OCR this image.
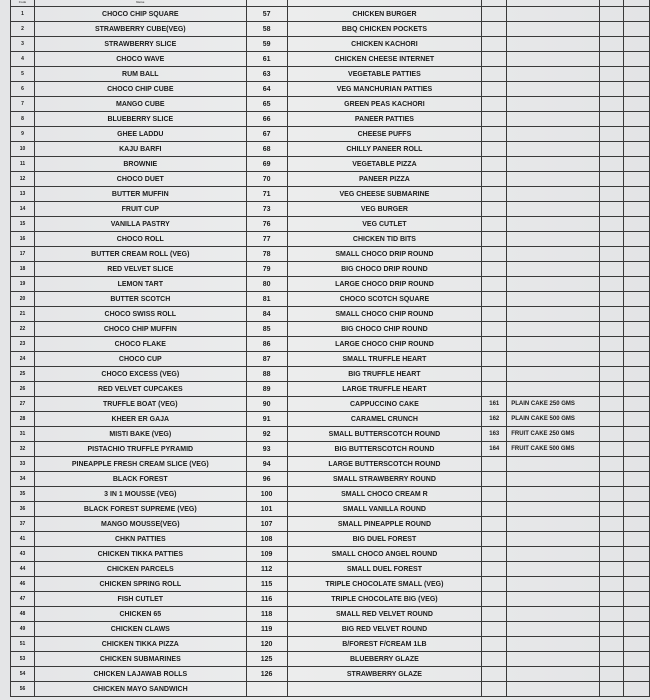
Code	Name						
1	CHOCO CHIP SQUARE	57	CHICKEN BURGER				
2	STRAWBERRY CUBE(VEG)	58	BBQ CHICKEN POCKETS				
3	STRAWBERRY SLICE	59	CHICKEN KACHORI				
4	CHOCO WAVE	61	CHICKEN CHEESE INTERNET				
5	RUM BALL	63	VEGETABLE PATTIES				
6	CHOCO CHIP CUBE	64	VEG MANCHURIAN PATTIES				
7	MANGO CUBE	65	GREEN PEAS KACHORI				
8	BLUEBERRY SLICE	66	PANEER PATTIES				
9	GHEE LADDU	67	CHEESE PUFFS				
10	KAJU BARFI	68	CHILLY PANEER ROLL				
11	BROWNIE	69	VEGETABLE PIZZA				
12	CHOCO DUET	70	PANEER PIZZA				
13	BUTTER MUFFIN	71	VEG CHEESE SUBMARINE				
14	FRUIT CUP	73	VEG BURGER				
15	VANILLA PASTRY	76	VEG CUTLET				
16	CHOCO ROLL	77	CHICKEN TID BITS				
17	BUTTER CREAM ROLL (VEG)	78	SMALL CHOCO DRIP ROUND				
18	RED VELVET SLICE	79	BIG CHOCO DRIP ROUND				
19	LEMON TART	80	LARGE CHOCO DRIP ROUND				
20	BUTTER SCOTCH	81	CHOCO SCOTCH SQUARE				
21	CHOCO SWISS ROLL	84	SMALL CHOCO CHIP ROUND				
22	CHOCO CHIP MUFFIN	85	BIG CHOCO CHIP ROUND				
23	CHOCO FLAKE	86	LARGE CHOCO CHIP ROUND				
24	CHOCO CUP	87	SMALL TRUFFLE HEART				
25	CHOCO EXCESS (VEG)	88	BIG TRUFFLE HEART				
26	RED VELVET CUPCAKES	89	LARGE TRUFFLE HEART				
27	TRUFFLE BOAT (VEG)	90	CAPPUCCINO CAKE	161	PLAIN CAKE 250 GMS		
28	KHEER ER GAJA	91	CARAMEL CRUNCH	162	PLAIN CAKE 500 GMS		
31	MISTI BAKE (VEG)	92	SMALL BUTTERSCOTCH ROUND	163	FRUIT CAKE 250 GMS		
32	PISTACHIO TRUFFLE PYRAMID	93	BIG BUTTERSCOTCH ROUND	164	FRUIT CAKE 500 GMS		
33	PINEAPPLE FRESH CREAM SLICE (VEG)	94	LARGE BUTTERSCOTCH ROUND				
34	BLACK FOREST	96	SMALL STRAWBERRY ROUND				
35	3 IN 1 MOUSSE (VEG)	100	SMALL CHOCO CREAM R				
36	BLACK FOREST SUPREME (VEG)	101	SMALL VANILLA ROUND				
37	MANGO MOUSSE(VEG)	107	SMALL PINEAPPLE ROUND				
41	CHKN PATTIES	108	BIG DUEL FOREST				
43	CHICKEN TIKKA PATTIES	109	SMALL CHOCO ANGEL ROUND				
44	CHICKEN PARCELS	112	SMALL DUEL FOREST				
46	CHICKEN SPRING ROLL	115	TRIPLE CHOCOLATE SMALL (VEG)				
47	FISH CUTLET	116	TRIPLE CHOCOLATE BIG (VEG)				
48	CHICKEN 65	118	SMALL RED VELVET ROUND				
49	CHICKEN CLAWS	119	BIG RED VELVET ROUND				
51	CHICKEN TIKKA PIZZA	120	B/FOREST F/CREAM 1LB				
53	CHICKEN SUBMARINES	125	BLUEBERRY GLAZE				
54	CHICKEN LAJAWAB ROLLS	126	STRAWBERRY GLAZE				
56	CHICKEN MAYO SANDWICH						
